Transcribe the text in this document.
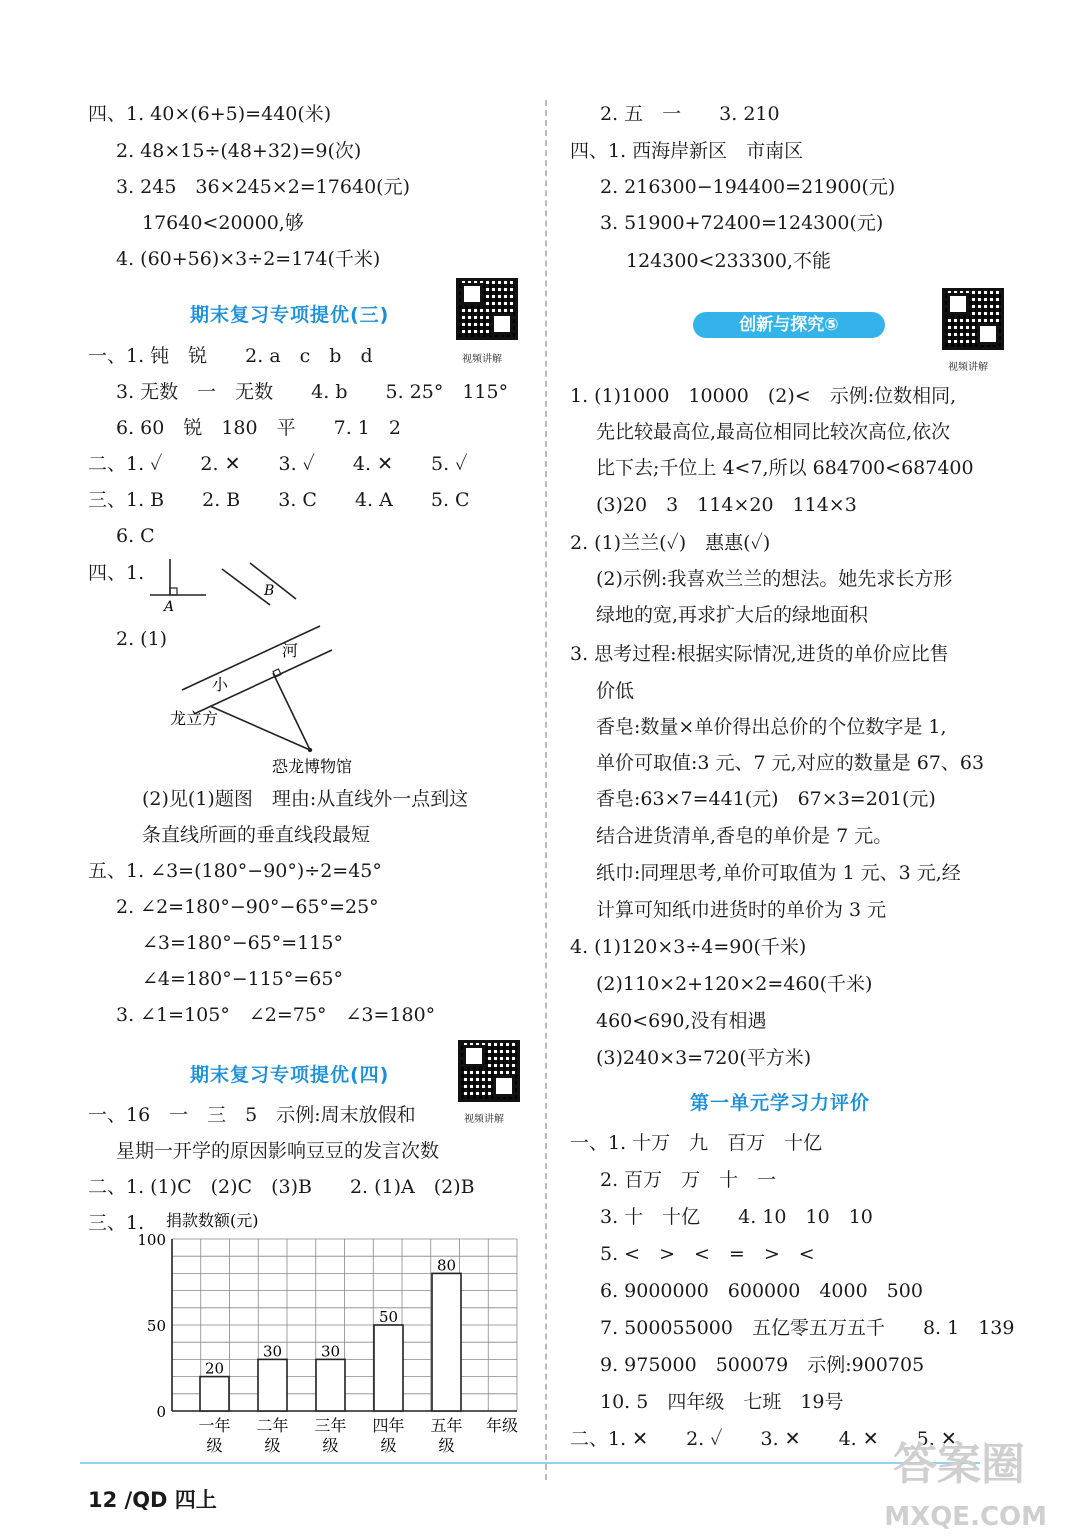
四、1. 40×(6+5)=440(米)
2. 48×15÷(48+32)=9(次)
3. 245　36×245×2=17640(元)
17640<20000,够
4. (60+56)×3÷2=174(千米)
期末复习专项提优(三)
视频讲解
一、1. 钝　锐　　2. a　c　b　d
3. 无数　一　无数　　4. b　　5. 25°　115°
6. 60　锐　180　平　　7. 1　2
二、1. ✓　　2. ✕　　3. ✓　　4. ✕　　5. ✓
三、1. B　　2. B　　3. C　　4. A　　5. C
6. C
四、1.
A
B
2. (1)
河
小
龙立方
恐龙博物馆
(2)见(1)题图　理由:从直线外一点到这
条直线所画的垂直线段最短
五、1. ∠3=(180°−90°)÷2=45°
2. ∠2=180°−90°−65°=25°
∠3=180°−65°=115°
∠4=180°−115°=65°
3. ∠1=105°　∠2=75°　∠3=180°
期末复习专项提优(四)
视频讲解
一、16　一　三　5　示例:周末放假和
星期一开学的原因影响豆豆的发言次数
二、1. (1)C　(2)C　(3)B　　2. (1)A　(2)B
三、1. 捐款数额(元)
0
50
100
20
一年
级
30
二年
级
30
三年
级
50
四年
级
80
五年
级
年级
2. 五　一　　3. 210
四、1. 西海岸新区　市南区
2. 216300−194400=21900(元)
3. 51900+72400=124300(元)
124300<233300,不能
创新与探究⑤
视频讲解
1. (1)1000　10000　(2)<　示例:位数相同,
先比较最高位,最高位相同比较次高位,依次
比下去;千位上 4<7,所以 684700<687400
(3)20　3　114×20　114×3
2. (1)兰兰(✓)　惠惠(✓)
(2)示例:我喜欢兰兰的想法。她先求长方形
绿地的宽,再求扩大后的绿地面积
3. 思考过程:根据实际情况,进货的单价应比售
价低
香皂:数量×单价得出总价的个位数字是 1,
单价可取值:3 元、7 元,对应的数量是 67、63
香皂:63×7=441(元)　67×3=201(元)
结合进货清单,香皂的单价是 7 元。
纸巾:同理思考,单价可取值为 1 元、3 元,经
计算可知纸巾进货时的单价为 3 元
4. (1)120×3÷4=90(千米)
(2)110×2+120×2=460(千米)
460<690,没有相遇
(3)240×3=720(平方米)
第一单元学习力评价
一、1. 十万　九　百万　十亿
2. 百万　万　十　一
3. 十　十亿　　4. 10　10　10
5. <　>　<　=　>　<
6. 9000000　600000　4000　500
7. 500055000　五亿零五万五千　　8. 1　139
9. 975000　500079　示例:900705
10. 5　四年级　七班　19号
二、1. ✕　　2. ✓　　3. ✕　　4. ✕　　5. ✕
12 /QD 四上
答案圈
MXQE.COM
